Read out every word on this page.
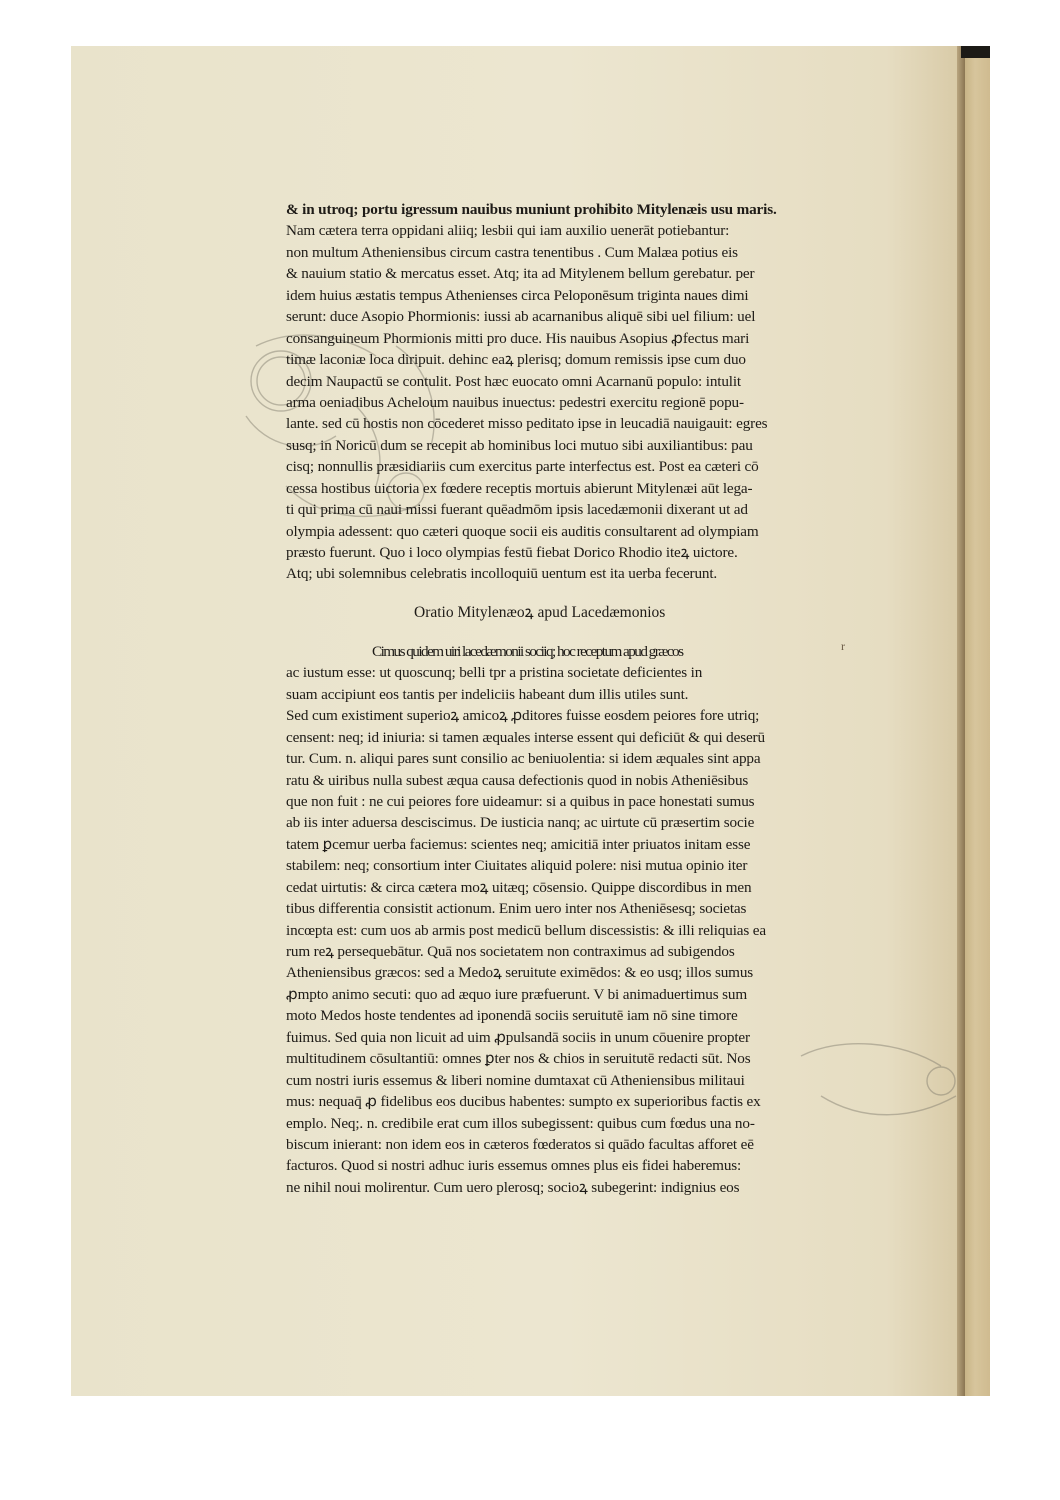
& in utroq; portu igressum nauibus muniunt prohibito Mitylenæis usu maris.
Nam cætera terra oppidani aliiq; lesbii qui iam auxilio uenerāt potiebantur:
non multum Atheniensibus circum castra tenentibus . Cum Malæa potius eis
& nauium statio & mercatus esset. Atq; ita ad Mitylenem bellum gerebatur. per
idem huius æstatis tempus Athenienses circa Peloponēsum triginta naues dimi
serunt: duce Asopio Phormionis: iussi ab acarnanibus aliquē sibi uel filium: uel
consanguineum Phormionis mitti pro duce. His nauibus Asopius ꝓfectus mari
timæ laconiæ loca diripuit. dehinc eaꝝ plerisq; domum remissis ipse cum duo
decim Naupactū se contulit. Post hæc euocato omni Acarnanū populo: intulit
arma oeniadibus Acheloum nauibus inuectus: pedestri exercitu regionē popu-
lante. sed cū hostis non cōcederet misso peditato ipse in leucadiā nauigauit: egres
susq; in Noricū dum se recepit ab hominibus loci mutuo sibi auxiliantibus: pau
cisq; nonnullis præsidiariis cum exercitus parte interfectus est. Post ea cæteri cō
cessa hostibus uictoria ex fœdere receptis mortuis abierunt Mitylenæi aūt lega-
ti qui prima cū naui missi fuerant quēadmōm ipsis lacedæmonii dixerant ut ad
olympia adessent: quo cæteri quoque socii eis auditis consultarent ad olympiam
præsto fuerunt. Quo i loco olympias festū fiebat Dorico Rhodio iteꝝ uictore.
Atq; ubi solemnibus celebratis incolloquiū uentum est ita uerba fecerunt.
Oratio Mitylenæoꝝ apud Lacedæmonios
Cimus quidem uiri lacedæmonii sociiq; hoc receptum apud græcos
ac iustum esse: ut quoscunq; belli tpr a pristina societate deficientes in
suam accipiunt eos tantis per indeliciis habeant dum illis utiles sunt.
Sed cum existiment superioꝝ amicoꝝ ꝓditores fuisse eosdem peiores fore utriq;
censent: neq; id iniuria: si tamen æquales interse essent qui deficiūt & qui deserū
tur. Cum. n. aliqui pares sunt consilio ac beniuolentia: si idem æquales sint appa
ratu & uiribus nulla subest æqua causa defectionis quod in nobis Atheniēsibus
que non fuit : ne cui peiores fore uideamur: si a quibus in pace honestati sumus
ab iis inter aduersa desciscimus. De iusticia nanq; ac uirtute cū præsertim socie
tatem ꝑcemur uerba faciemus: scientes neq; amicitiā inter priuatos initam esse
stabilem: neq; consortium inter Ciuitates aliquid polere: nisi mutua opinio iter
cedat uirtutis: & circa cætera moꝝ uitæq; cōsensio. Quippe discordibus in men
tibus differentia consistit actionum. Enim uero inter nos Atheniēsesq; societas
incœpta est: cum uos ab armis post medicū bellum discessistis: & illi reliquias ea
rum reꝝ persequebātur. Quā nos societatem non contraximus ad subigendos
Atheniensibus græcos: sed a Medoꝝ seruitute eximēdos: & eo usq; illos sumus
ꝓmpto animo secuti: quo ad æquo iure præfuerunt. V bi animaduertimus sum
moto Medos hoste tendentes ad iponendā sociis seruitutē iam nō sine timore
fuimus. Sed quia non licuit ad uim ꝓpulsandā sociis in unum cōuenire propter
multitudinem cōsultantiū: omnes ꝑter nos & chios in seruitutē redacti sūt. Nos
cum nostri iuris essemus & liberi nomine dumtaxat cū Atheniensibus militaui
mus: nequaq̄ ꝓ fidelibus eos ducibus habentes: sumpto ex superioribus factis ex
emplo. Neq;. n. credibile erat cum illos subegissent: quibus cum fœdus una no-
biscum inierant: non idem eos in cæteros fœderatos si quādo facultas afforet eē
facturos. Quod si nostri adhuc iuris essemus omnes plus eis fidei haberemus:
ne nihil noui molirentur. Cum uero plerosq; socioꝝ subegerint: indignius eos
r
